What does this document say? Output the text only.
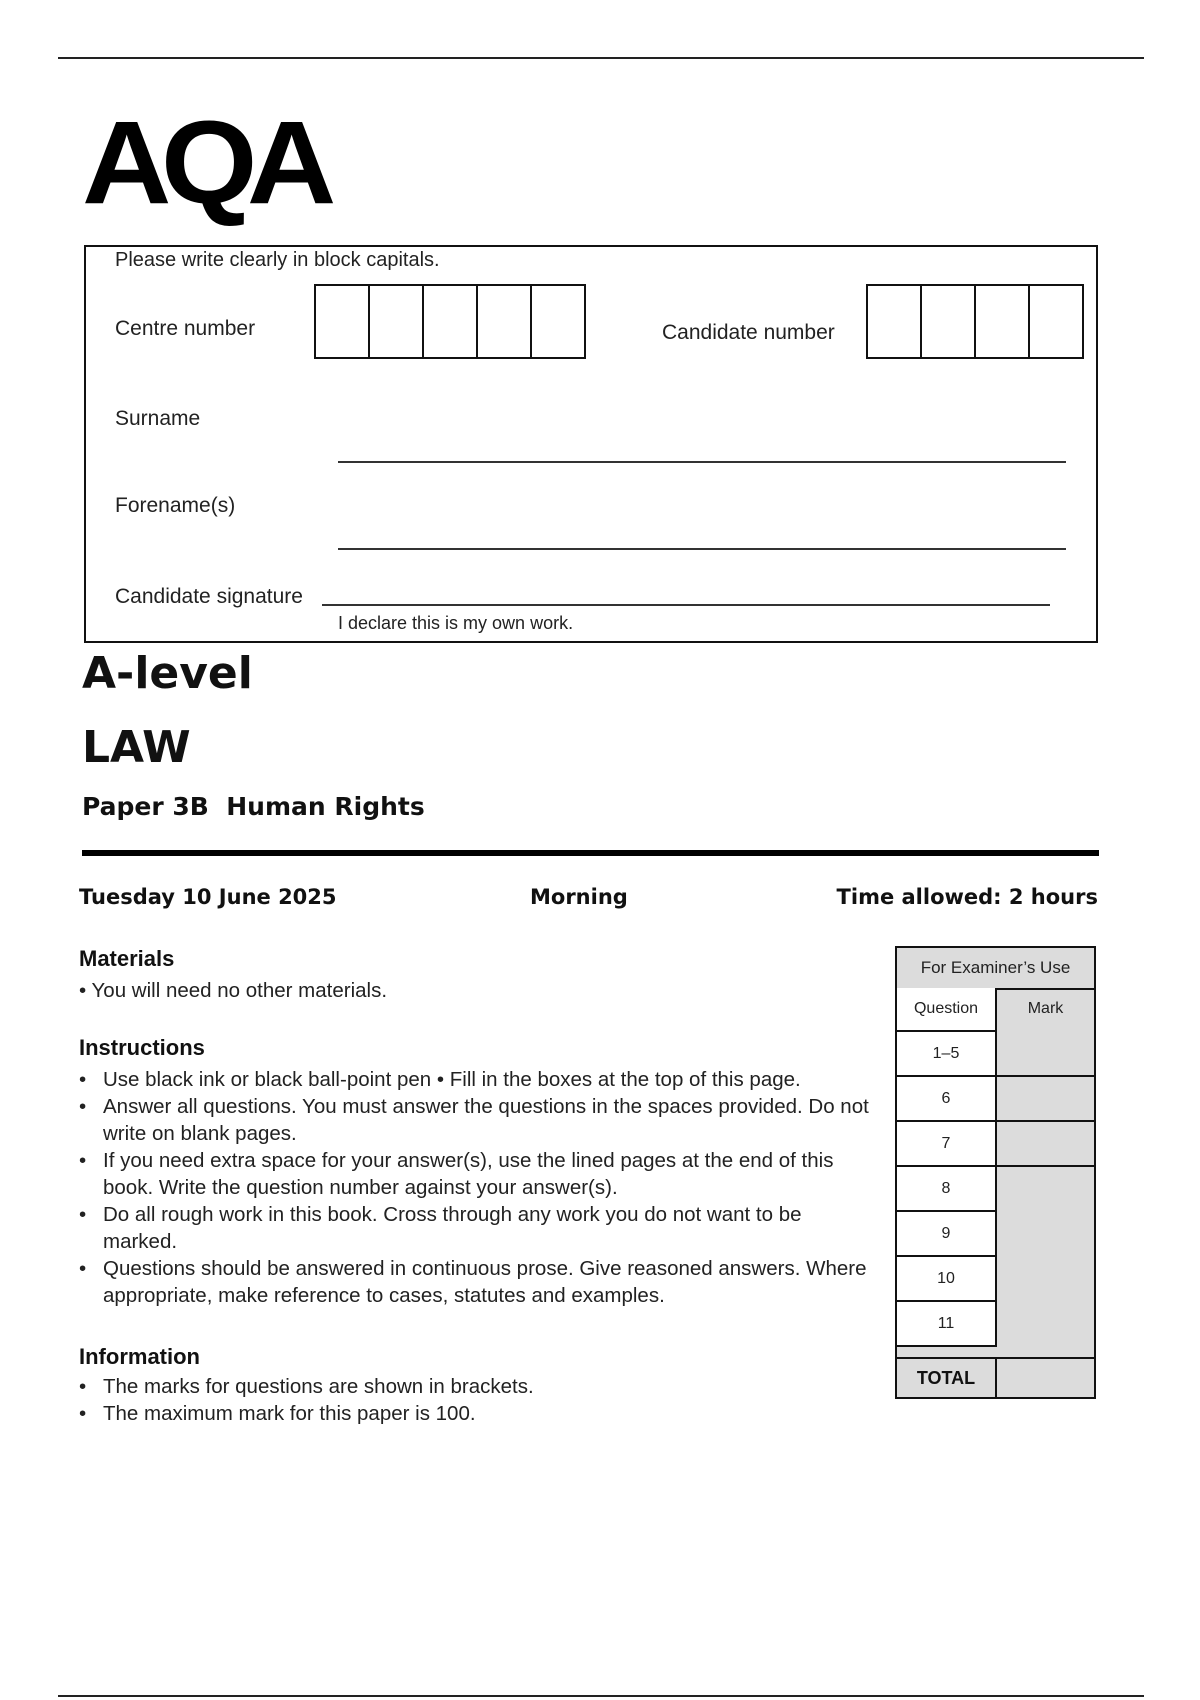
AQA
Please write clearly in block capitals.
Centre number	Candidate number
Surname
Forename(s)
Candidate signature
I declare this is my own work.
A-level
LAW
Paper 3B  Human Rights
Tuesday 10 June 2025	Morning	Time allowed: 2 hours
Materials
• You will need no other materials.
Instructions
• Use black ink or black ball-point pen • Fill in the boxes at the top of this page.
• Answer all questions. You must answer the questions in the spaces provided. Do not write on blank pages.
• If you need extra space for your answer(s), use the lined pages at the end of this book. Write the question number against your answer(s).
• Do all rough work in this book. Cross through any work you do not want to be marked.
• Questions should be answered in continuous prose. Give reasoned answers. Where appropriate, make reference to cases, statutes and examples.
Information
• The marks for questions are shown in brackets.
• The maximum mark for this paper is 100.
For Examiner’s Use
Question	Mark
1–5
6
7
8
9
10
11
TOTAL
